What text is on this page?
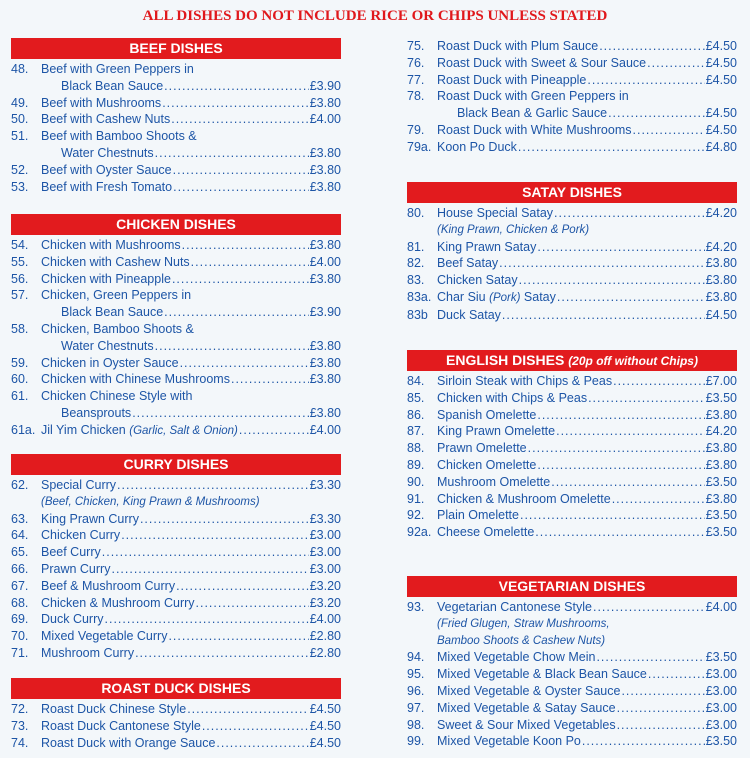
ALL DISHES DO NOT INCLUDE RICE OR CHIPS UNLESS STATED
BEEF DISHES
48.	Beef with Green Peppers in
Black Bean Sauce .....	£3.90
49.	Beef with Mushrooms .....	£3.80
50.	Beef with Cashew Nuts .....	£4.00
51.	Beef with Bamboo Shoots &
Water Chestnuts .....	£3.80
52.	Beef with Oyster Sauce .....	£3.80
53.	Beef with Fresh Tomato .....	£3.80
CHICKEN DISHES
54.	Chicken with Mushrooms .....	£3.80
55.	Chicken with Cashew Nuts .....	£4.00
56.	Chicken with Pineapple .....	£3.80
57.	Chicken, Green Peppers in
Black Bean Sauce .....	£3.90
58.	Chicken, Bamboo Shoots &
Water Chestnuts .....	£3.80
59.	Chicken in Oyster Sauce .....	£3.80
60.	Chicken with Chinese Mushrooms .....	£3.80
61.	Chicken Chinese Style with
Beansprouts .....	£3.80
61a. Jil Yim Chicken (Garlic, Salt & Onion) .....	£4.00
CURRY DISHES
62.	Special Curry .....	£3.30
(Beef, Chicken, King Prawn & Mushrooms)
63.	King Prawn Curry .....	£3.30
64.	Chicken Curry .....	£3.00
65.	Beef Curry .....	£3.00
66.	Prawn Curry .....	£3.00
67.	Beef & Mushroom Curry .....	£3.20
68.	Chicken & Mushroom Curry .....	£3.20
69.	Duck Curry .....	£4.00
70.	Mixed Vegetable Curry .....	£2.80
71.	Mushroom Curry .....	£2.80
ROAST DUCK DISHES
72.	Roast Duck Chinese Style .....	£4.50
73.	Roast Duck Cantonese Style .....	£4.50
74.	Roast Duck with Orange Sauce .....	£4.50
75.	Roast Duck with Plum Sauce .....	£4.50
76.	Roast Duck with Sweet & Sour Sauce .....	£4.50
77.	Roast Duck with Pineapple .....	£4.50
78.	Roast Duck with Green Peppers in
Black Bean & Garlic Sauce .....	£4.50
79.	Roast Duck with White Mushrooms .....	£4.50
79a. Koon Po Duck .....	£4.80
SATAY DISHES
80.	House Special Satay .....	£4.20
(King Prawn, Chicken & Pork)
81.	King Prawn Satay .....	£4.20
82.	Beef Satay .....	£3.80
83.	Chicken Satay .....	£3.80
83a. Char Siu (Pork) Satay .....	£3.80
83b Duck Satay .....	£4.50
ENGLISH DISHES (20p off without Chips)
84.	Sirloin Steak with Chips & Peas .....	£7.00
85.	Chicken with Chips & Peas .....	£3.50
86.	Spanish Omelette .....	£3.80
87.	King Prawn Omelette .....	£4.20
88.	Prawn Omelette .....	£3.80
89.	Chicken Omelette .....	£3.80
90.	Mushroom Omelette .....	£3.50
91.	Chicken & Mushroom Omelette .....	£3.80
92.	Plain Omelette .....	£3.50
92a. Cheese Omelette .....	£3.50
VEGETARIAN DISHES
93.	Vegetarian Cantonese Style .....	£4.00
(Fried Glugen, Straw Mushrooms,
Bamboo Shoots & Cashew Nuts)
94.	Mixed Vegetable Chow Mein .....	£3.50
95.	Mixed Vegetable & Black Bean Sauce .....	£3.00
96.	Mixed Vegetable & Oyster Sauce .....	£3.00
97.	Mixed Vegetable & Satay Sauce .....	£3.00
98.	Sweet & Sour Mixed Vegetables .....	£3.00
99.	Mixed Vegetable Koon Po .....	£3.50
